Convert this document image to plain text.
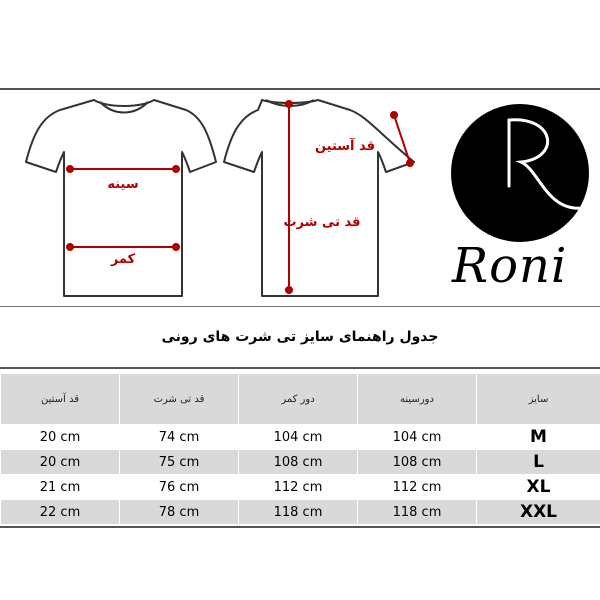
سینه
کمر
قد آستین
قد تی شرت
Roni
جدول راهنمای سایز تی شرت های رونی
قد آستین	قد تی شرت	دور کمر	دورسینه	سایز
20 cm	74 cm	104 cm	104 cm	M
20 cm	75 cm	108 cm	108 cm	L
21 cm	76 cm	112 cm	112 cm	XL
22 cm	78 cm	118 cm	118 cm	XXL
